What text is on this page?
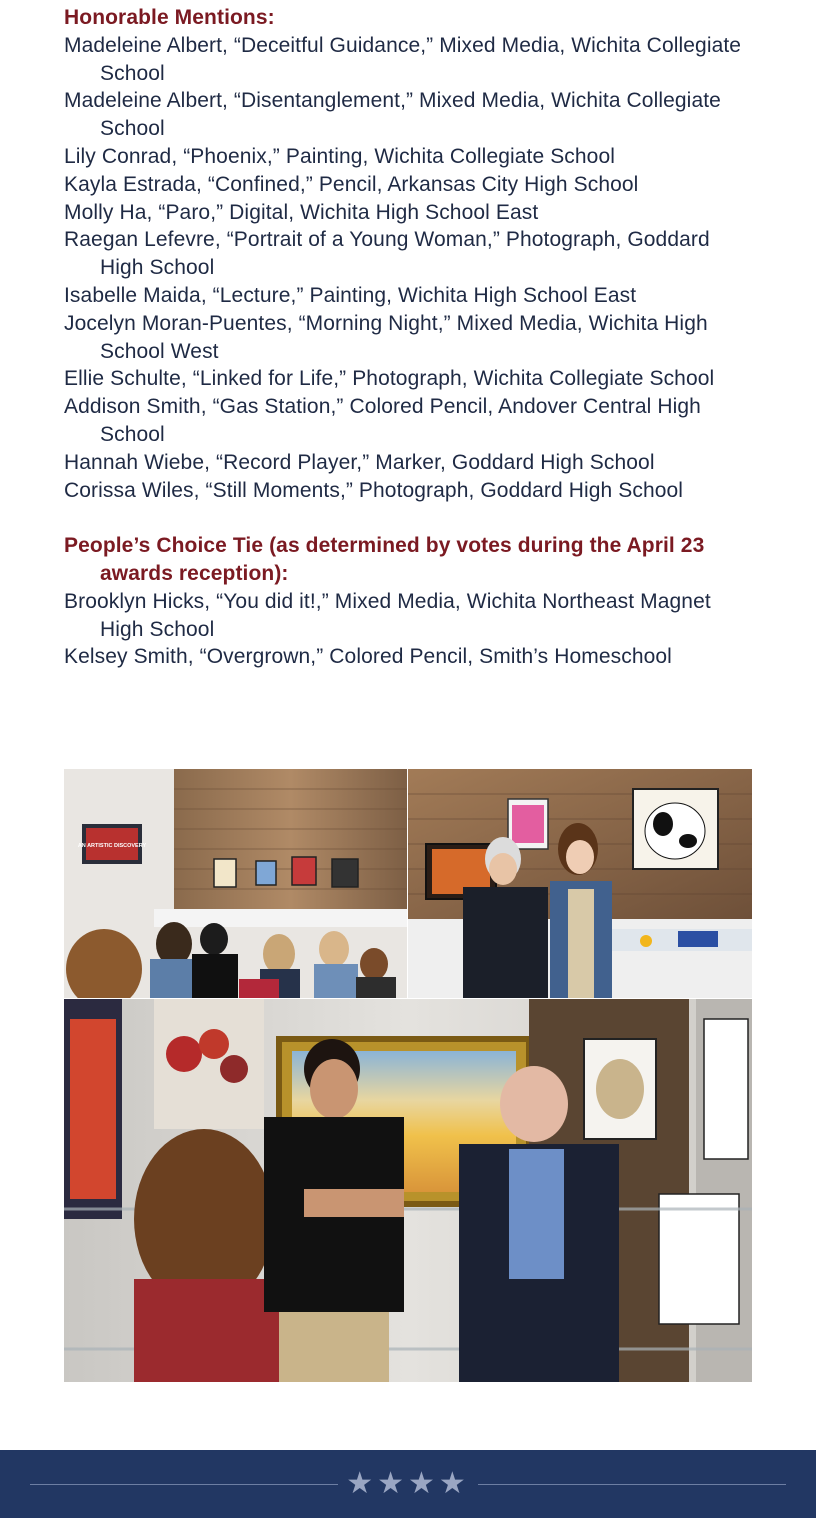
Honorable Mentions:
Madeleine Albert, “Deceitful Guidance,” Mixed Media, Wichita Collegiate School
Madeleine Albert, “Disentanglement,” Mixed Media, Wichita Collegiate School
Lily Conrad, “Phoenix,” Painting, Wichita Collegiate School
Kayla Estrada, “Confined,” Pencil, Arkansas City High School
Molly Ha, “Paro,” Digital, Wichita High School East
Raegan Lefevre, “Portrait of a Young Woman,” Photograph, Goddard High School
Isabelle Maida, “Lecture,” Painting, Wichita High School East
Jocelyn Moran-Puentes, “Morning Night,” Mixed Media, Wichita High School West
Ellie Schulte, “Linked for Life,” Photograph, Wichita Collegiate School
Addison Smith, “Gas Station,” Colored Pencil, Andover Central High School
Hannah Wiebe, “Record Player,” Marker, Goddard High School
Corissa Wiles, “Still Moments,” Photograph, Goddard High School
People’s Choice Tie (as determined by votes during the April 23 awards reception):
Brooklyn Hicks, “You did it!,” Mixed Media, Wichita Northeast Magnet High School
Kelsey Smith, “Overgrown,” Colored Pencil, Smith’s Homeschool
AN ARTISTIC DISCOVERY
★★★★
